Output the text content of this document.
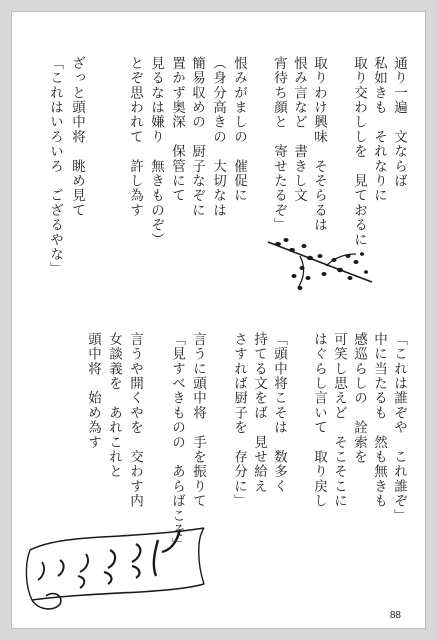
通り一遍　文ならば
私如きも　それなりに
取り交わししを　見ておるに
取りわけ興味　そそらるは
恨み言など　書きし文
宵待ち顔と　寄せたるぞ」
恨みがましの　催促に
（身分高きの　大切なは
簡易収めの　厨子なぞに
置かず奥深　保管にて
見るなは嫌り　無きものぞ）
とぞ思われて　許し為す
ざっと頭中将　眺め見て
「これはいろいろ　ござるやな」
「これは誰ぞや　これ誰ぞ」
中に当たるも　然も無きも
感巡らしの　詮索を
可笑し思えど　そこそこに
はぐらし言いて　取り戻し
「頭中将こそは　数多く
持てる文をば　見せ給え
さすれば厨子を　存分に」
言うに頭中将　手を振りて
「見すべきものの　あらばこそ」
言うや開くやを　交わす内
女談義を　あれこれと
頭中将　始め為す
88
